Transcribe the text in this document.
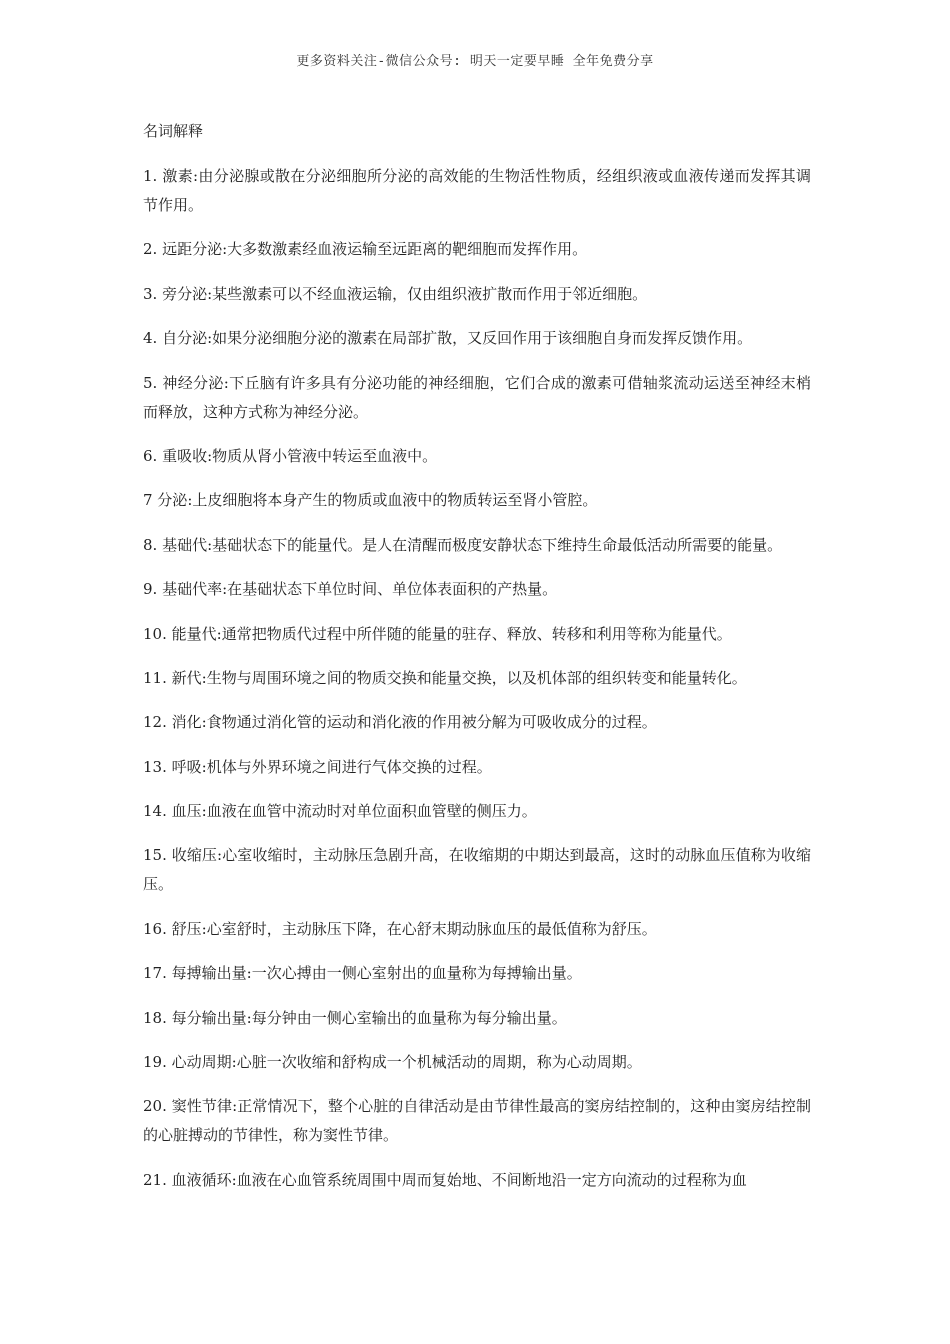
更多资料关注-微信公众号: 明天一定要早睡 全年免费分享
名词解释

1. 激素:由分泌腺或散在分泌细胞所分泌的高效能的生物活性物质，经组织液或血液传递而发挥其调节作用。

2. 远距分泌:大多数激素经血液运输至远距离的靶细胞而发挥作用。

3. 旁分泌:某些激素可以不经血液运输，仅由组织液扩散而作用于邻近细胞。

4. 自分泌:如果分泌细胞分泌的激素在局部扩散，又反回作用于该细胞自身而发挥反馈作用。

5. 神经分泌:下丘脑有许多具有分泌功能的神经细胞，它们合成的激素可借轴浆流动运送至神经末梢而释放，这种方式称为神经分泌。

6. 重吸收:物质从肾小管液中转运至血液中。

7 分泌:上皮细胞将本身产生的物质或血液中的物质转运至肾小管腔。

8. 基础代:基础状态下的能量代。是人在清醒而极度安静状态下维持生命最低活动所需要的能量。

9. 基础代率:在基础状态下单位时间、单位体表面积的产热量。

10. 能量代:通常把物质代过程中所伴随的能量的驻存、释放、转移和利用等称为能量代。

11. 新代:生物与周围环境之间的物质交换和能量交换，以及机体部的组织转变和能量转化。

12. 消化:食物通过消化管的运动和消化液的作用被分解为可吸收成分的过程。

13. 呼吸:机体与外界环境之间进行气体交换的过程。

14. 血压:血液在血管中流动时对单位面积血管壁的侧压力。

15. 收缩压:心室收缩时，主动脉压急剧升高，在收缩期的中期达到最高，这时的动脉血压值称为收缩压。

16. 舒压:心室舒时，主动脉压下降，在心舒末期动脉血压的最低值称为舒压。

17. 每搏输出量:一次心搏由一侧心室射出的血量称为每搏输出量。

18. 每分输出量:每分钟由一侧心室输出的血量称为每分输出量。

19. 心动周期:心脏一次收缩和舒构成一个机械活动的周期，称为心动周期。

20. 窦性节律:正常情况下，整个心脏的自律活动是由节律性最高的窦房结控制的，这种由窦房结控制的心脏搏动的节律性，称为窦性节律。

21. 血液循环:血液在心血管系统周围中周而复始地、不间断地沿一定方向流动的过程称为血
